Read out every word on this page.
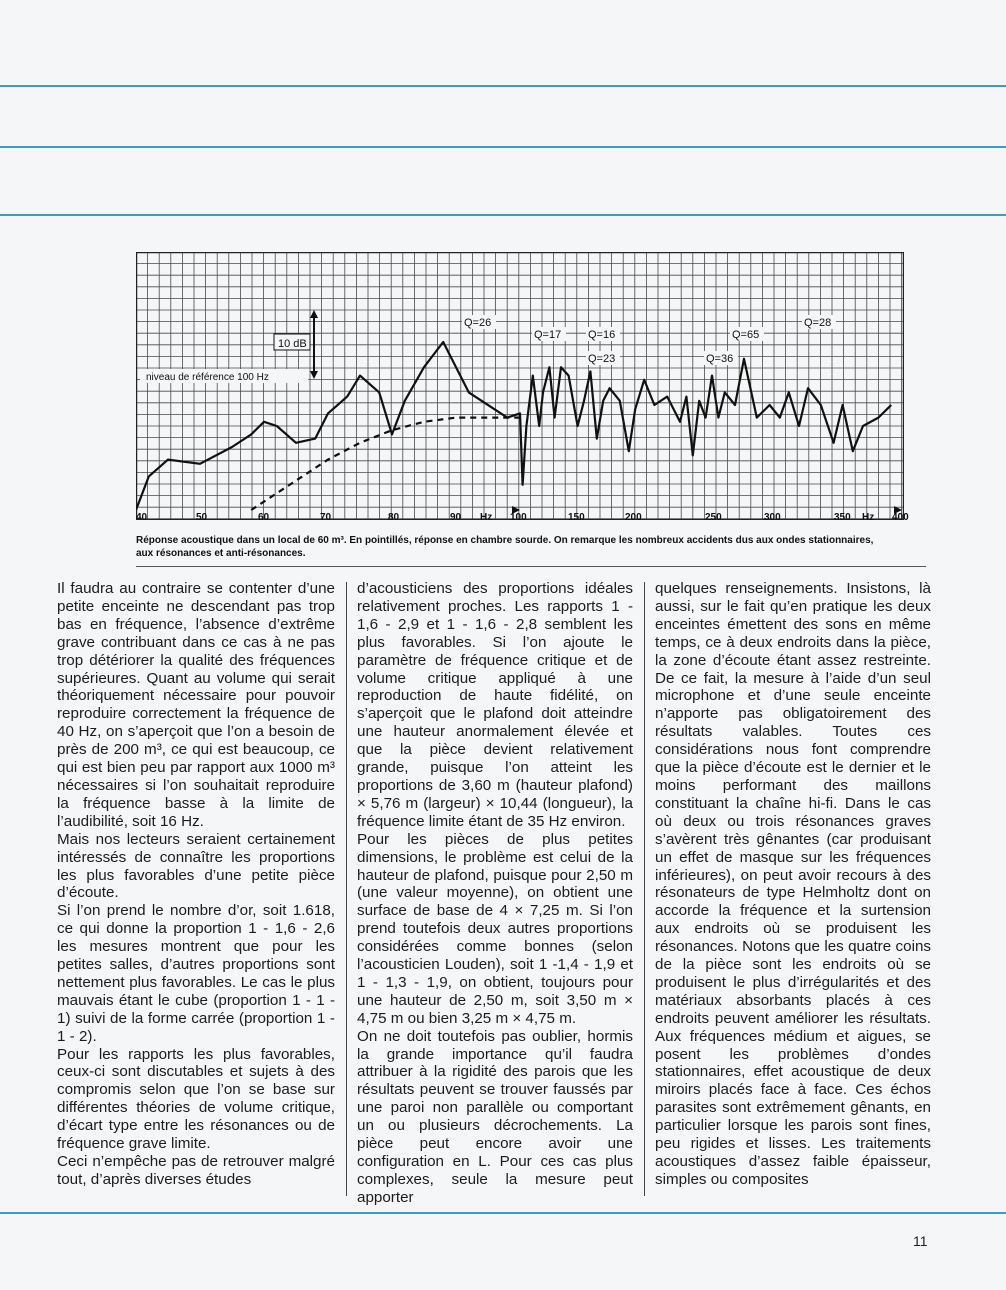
niveau de référence 100 Hz
10 dB
Q=26
Q=17 Q=16
Q=23
Q=65
Q=36
Q=28
40	50	60	70	80	90 Hz 100	150	200	250	300	350 Hz 400
Réponse acoustique dans un local de 60 m³. En pointillés, réponse en chambre sourde. On remarque les nombreux accidents dus aux ondes stationnaires,
aux résonances et anti-résonances.

Il faudra au contraire se contenter d’une petite enceinte ne descendant pas trop bas en fréquence, l’absence d’extrême grave contribuant dans ce cas à ne pas trop détériorer la qualité des fréquences supérieures. Quant au volume qui serait théoriquement nécessaire pour pouvoir reproduire correctement la fréquence de 40 Hz, on s’aperçoit que l’on a besoin de près de 200 m³, ce qui est beaucoup, ce qui est bien peu par rapport aux 1000 m³ nécessaires si l’on souhaitait reproduire la fréquence basse à la limite de l’audibilité, soit 16 Hz.

Mais nos lecteurs seraient certainement intéressés de connaître les proportions les plus favorables d’une petite pièce d’écoute.

Si l’on prend le nombre d’or, soit 1.618, ce qui donne la proportion 1 - 1,6 - 2,6 les mesures montrent que pour les petites salles, d’autres proportions sont nettement plus favorables. Le cas le plus mauvais étant le cube (proportion 1 - 1 - 1) suivi de la forme carrée (proportion 1 - 1 - 2).

Pour les rapports les plus favorables, ceux-ci sont discutables et sujets à des compromis selon que l’on se base sur différentes théories de volume critique, d’écart type entre les résonances ou de fréquence grave limite.

Ceci n’empêche pas de retrouver malgré tout, d’après diverses études

d’acousticiens des proportions idéales relativement proches. Les rapports 1 - 1,6 - 2,9 et 1 - 1,6 - 2,8 semblent les plus favorables. Si l’on ajoute le paramètre de fréquence critique et de volume critique appliqué à une reproduction de haute fidélité, on s’aperçoit que le plafond doit atteindre une hauteur anormalement élevée et que la pièce devient relativement grande, puisque l’on atteint les proportions de 3,60 m (hauteur plafond) × 5,76 m (largeur) × 10,44 (longueur), la fréquence limite étant de 35 Hz environ.

Pour les pièces de plus petites dimensions, le problème est celui de la hauteur de plafond, puisque pour 2,50 m (une valeur moyenne), on obtient une surface de base de 4 × 7,25 m. Si l’on prend toutefois deux autres proportions considérées comme bonnes (selon l’acousticien Louden), soit 1 -1,4 - 1,9 et 1 - 1,3 - 1,9, on obtient, toujours pour une hauteur de 2,50 m, soit 3,50 m × 4,75 m ou bien 3,25 m × 4,75 m.

On ne doit toutefois pas oublier, hormis la grande importance qu’il faudra attribuer à la rigidité des parois que les résultats peuvent se trouver faussés par une paroi non parallèle ou comportant un ou plusieurs décrochements. La pièce peut encore avoir une configuration en L. Pour ces cas plus complexes, seule la mesure peut apporter

quelques renseignements. Insistons, là aussi, sur le fait qu’en pratique les deux enceintes émettent des sons en même temps, ce à deux endroits dans la pièce, la zone d’écoute étant assez restreinte. De ce fait, la mesure à l’aide d’un seul microphone et d’une seule enceinte n’apporte pas obligatoirement des résultats valables. Toutes ces considérations nous font comprendre que la pièce d’écoute est le dernier et le moins performant des maillons constituant la chaîne hi-fi. Dans le cas où deux ou trois résonances graves s’avèrent très gênantes (car produisant un effet de masque sur les fréquences inférieures), on peut avoir recours à des résonateurs de type Helmholtz dont on accorde la fréquence et la surtension aux endroits où se produisent les résonances. Notons que les quatre coins de la pièce sont les endroits où se produisent le plus d’irrégularités et des matériaux absorbants placés à ces endroits peuvent améliorer les résultats. Aux fréquences médium et aigues, se posent les problèmes d’ondes stationnaires, effet acoustique de deux miroirs placés face à face. Ces échos parasites sont extrêmement gênants, en particulier lorsque les parois sont fines, peu rigides et lisses. Les traitements acoustiques d’assez faible épaisseur, simples ou composites

11
